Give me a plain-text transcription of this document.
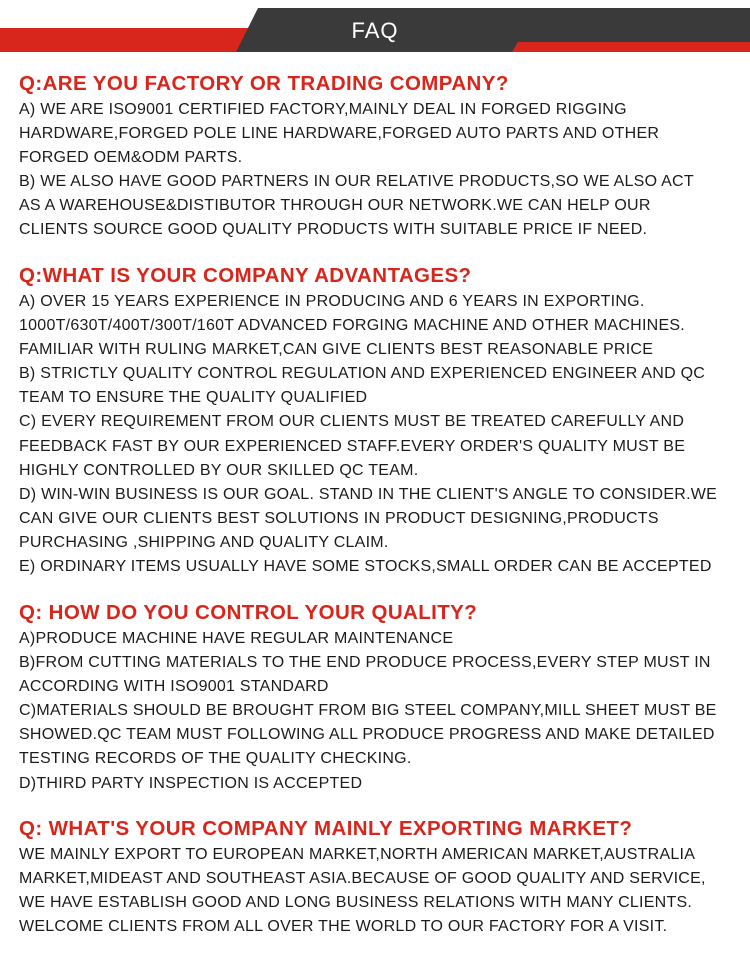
FAQ
Q:ARE YOU FACTORY OR TRADING COMPANY?
A) WE ARE ISO9001 CERTIFIED FACTORY,MAINLY DEAL IN FORGED RIGGING
HARDWARE,FORGED POLE LINE HARDWARE,FORGED AUTO PARTS AND OTHER
FORGED OEM&ODM PARTS.
B) WE ALSO HAVE GOOD PARTNERS IN OUR RELATIVE PRODUCTS,SO WE ALSO ACT
AS A WAREHOUSE&DISTIBUTOR THROUGH OUR NETWORK.WE CAN HELP OUR
CLIENTS SOURCE GOOD QUALITY PRODUCTS WITH SUITABLE PRICE IF NEED.
Q:WHAT IS YOUR COMPANY ADVANTAGES?
A) OVER 15 YEARS EXPERIENCE IN PRODUCING AND 6 YEARS IN EXPORTING.
1000T/630T/400T/300T/160T ADVANCED FORGING MACHINE AND OTHER MACHINES.
FAMILIAR WITH RULING MARKET,CAN GIVE CLIENTS BEST REASONABLE PRICE
B) STRICTLY QUALITY CONTROL REGULATION AND EXPERIENCED ENGINEER AND QC
TEAM TO ENSURE THE QUALITY QUALIFIED
C) EVERY REQUIREMENT FROM OUR CLIENTS MUST BE TREATED CAREFULLY AND
FEEDBACK FAST BY OUR EXPERIENCED STAFF.EVERY ORDER'S QUALITY MUST BE
HIGHLY CONTROLLED BY OUR SKILLED QC TEAM.
D) WIN-WIN BUSINESS IS OUR GOAL. STAND IN THE CLIENT'S ANGLE TO CONSIDER.WE
CAN GIVE OUR CLIENTS BEST SOLUTIONS IN PRODUCT DESIGNING,PRODUCTS
PURCHASING ,SHIPPING AND QUALITY CLAIM.
E) ORDINARY ITEMS USUALLY HAVE SOME STOCKS,SMALL ORDER CAN BE ACCEPTED
Q: HOW DO YOU CONTROL YOUR QUALITY?
A)PRODUCE MACHINE HAVE REGULAR MAINTENANCE
B)FROM CUTTING MATERIALS TO THE END PRODUCE PROCESS,EVERY STEP MUST IN
ACCORDING WITH ISO9001 STANDARD
C)MATERIALS SHOULD BE BROUGHT FROM BIG STEEL COMPANY,MILL SHEET MUST BE
SHOWED.QC TEAM MUST FOLLOWING ALL PRODUCE PROGRESS AND MAKE DETAILED
TESTING RECORDS OF THE QUALITY CHECKING.
D)THIRD PARTY INSPECTION IS ACCEPTED
Q: WHAT'S YOUR COMPANY MAINLY EXPORTING MARKET?
WE MAINLY EXPORT TO EUROPEAN MARKET,NORTH AMERICAN MARKET,AUSTRALIA
MARKET,MIDEAST AND SOUTHEAST ASIA.BECAUSE OF GOOD QUALITY AND SERVICE,
WE HAVE ESTABLISH GOOD AND LONG BUSINESS RELATIONS WITH MANY CLIENTS.
WELCOME CLIENTS FROM ALL OVER THE WORLD TO OUR FACTORY FOR A VISIT.
